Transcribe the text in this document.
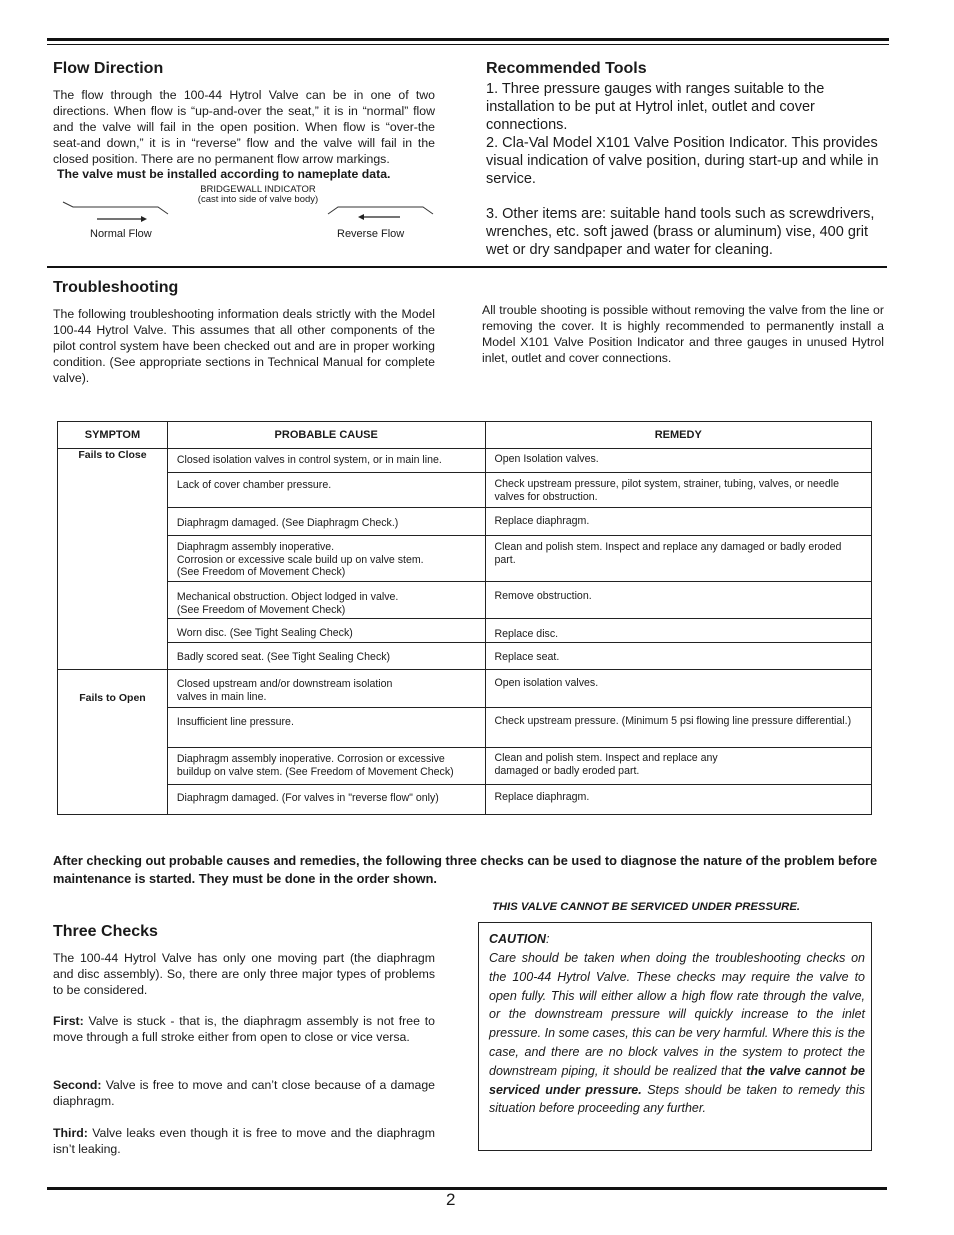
Flow Direction
The flow through the 100-44 Hytrol Valve can be in one of two directions. When flow is “up-and-over the seat,” it is in “normal” flow and the valve will fail in the open position. When flow is “over-the seat-and down,” it is in “reverse” flow and the valve will fail in the closed position. There are no permanent flow arrow markings.
The valve must be installed according to nameplate data.
BRIDGEWALL INDICATOR
(cast into side of valve body)
Normal Flow	Reverse Flow
Recommended Tools
1. Three pressure gauges with ranges suitable to the installation to be put at Hytrol inlet, outlet and cover connections.
2. Cla-Val Model X101 Valve Position Indicator. This provides visual indication of valve position, during start-up and while in service.
3. Other items are: suitable hand tools such as screwdrivers, wrenches, etc. soft jawed (brass or aluminum) vise, 400 grit wet or dry sandpaper and water for cleaning.
Troubleshooting
The following troubleshooting information deals strictly with the Model 100-44 Hytrol Valve. This assumes that all other components of the pilot control system have been checked out and are in proper working condition. (See appropriate sections in Technical Manual for complete valve).
All trouble shooting is possible without removing the valve from the line or removing the cover. It is highly recommended to permanently install a Model X101 Valve Position Indicator and three gauges in unused Hytrol inlet, outlet and cover connections.
SYMPTOM	PROBABLE CAUSE	REMEDY
Fails to Close	Closed isolation valves in control system, or in main line.	Open Isolation valves.

	Lack of cover chamber pressure.	Check upstream pressure, pilot system, strainer, tubing, valves, or needle valves for obstruction.

	Diaphragm damaged. (See Diaphragm Check.)	Replace diaphragm.

	Diaphragm assembly inoperative.
Corrosion or excessive scale build up on valve stem.
(See Freedom of Movement Check)	Clean and polish stem. Inspect and replace any damaged or badly eroded part.

	Mechanical obstruction. Object lodged in valve.
(See Freedom of Movement Check)	Remove obstruction.

	Worn disc. (See Tight Sealing Check)	Replace disc.

	Badly scored seat. (See Tight Sealing Check)	Replace seat.

Fails to Open	Closed upstream and/or downstream isolation
valves in main line.	Open isolation valves.

	Insufficient line pressure.	Check upstream pressure. (Minimum 5 psi flowing line pressure differential.)

	Diaphragm assembly inoperative. Corrosion or excessive buildup on valve stem. (See Freedom of Movement Check)	Clean and polish stem. Inspect and replace any
damaged or badly eroded part.

	Diaphragm damaged. (For valves in "reverse flow" only)	Replace diaphragm.
After checking out probable causes and remedies, the following three checks can be used to diagnose the nature of the problem before maintenance is started. They must be done in the order shown.
Three Checks
The 100-44 Hytrol Valve has only one moving part (the diaphragm and disc assembly). So, there are only three major types of problems to be considered.
First: Valve is stuck - that is, the diaphragm assembly is not free to move through a full stroke either from open to close or vice versa.
Second: Valve is free to move and can’t close because of a damage diaphragm.
Third: Valve leaks even though it is free to move and the diaphragm isn’t leaking.
THIS VALVE CANNOT BE SERVICED UNDER PRESSURE.
CAUTION:
Care should be taken when doing the troubleshooting checks on the 100-44 Hytrol Valve. These checks may require the valve to open fully. This will either allow a high flow rate through the valve, or the downstream pressure will quickly increase to the inlet pressure. In some cases, this can be very harmful. Where this is the case, and there are no block valves in the system to protect the downstream piping, it should be realized that the valve cannot be serviced under pressure. Steps should be taken to remedy this situation before proceeding any further.
2
